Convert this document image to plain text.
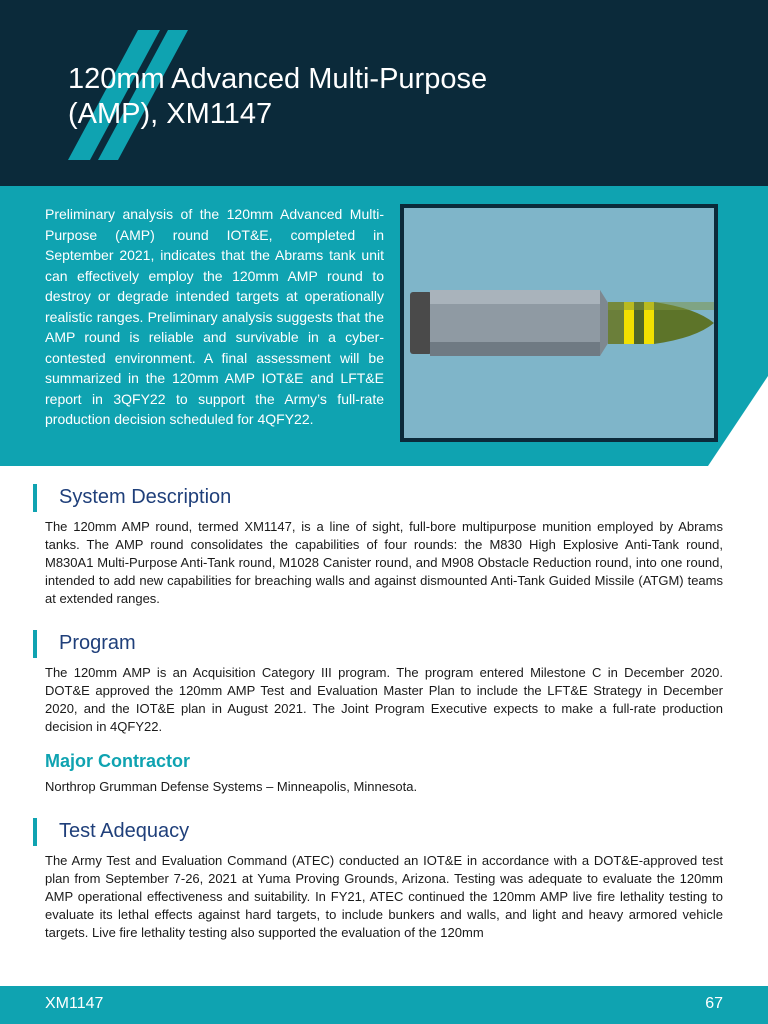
120mm Advanced Multi-Purpose
(AMP), XM1147

Preliminary analysis of the 120mm Advanced Multi-Purpose (AMP) round IOT&E, completed in September 2021, indicates that the Abrams tank unit can effectively employ the 120mm AMP round to destroy or degrade intended targets at operationally realistic ranges. Preliminary analysis suggests that the AMP round is reliable and survivable in a cyber-contested environment. A final assessment will be summarized in the 120mm AMP IOT&E and LFT&E report in 3QFY22 to support the Army’s full-rate production decision scheduled for 4QFY22.

System Description

The 120mm AMP round, termed XM1147, is a line of sight, full-bore multipurpose munition employed by Abrams tanks. The AMP round consolidates the capabilities of four rounds: the M830 High Explosive Anti-Tank round, M830A1 Multi-Purpose Anti-Tank round, M1028 Canister round, and M908 Obstacle Reduction round, into one round, intended to add new capabilities for breaching walls and against dismounted Anti-Tank Guided Missile (ATGM) teams at extended ranges.

Program

The 120mm AMP is an Acquisition Category III program. The program entered Milestone C in December 2020. DOT&E approved the 120mm AMP Test and Evaluation Master Plan to include the LFT&E Strategy in December 2020, and the IOT&E plan in August 2021. The Joint Program Executive expects to make a full-rate production decision in 4QFY22.

Major Contractor

Northrop Grumman Defense Systems – Minneapolis, Minnesota.

Test Adequacy

The Army Test and Evaluation Command (ATEC) conducted an IOT&E in accordance with a DOT&E-approved test plan from September 7-26, 2021 at Yuma Proving Grounds, Arizona. Testing was adequate to evaluate the 120mm AMP operational effectiveness and suitability. In FY21, ATEC continued the 120mm AMP live fire lethality testing to evaluate its lethal effects against hard targets, to include bunkers and walls, and light and heavy armored vehicle targets. Live fire lethality testing also supported the evaluation of the 120mm

XM1147	67
